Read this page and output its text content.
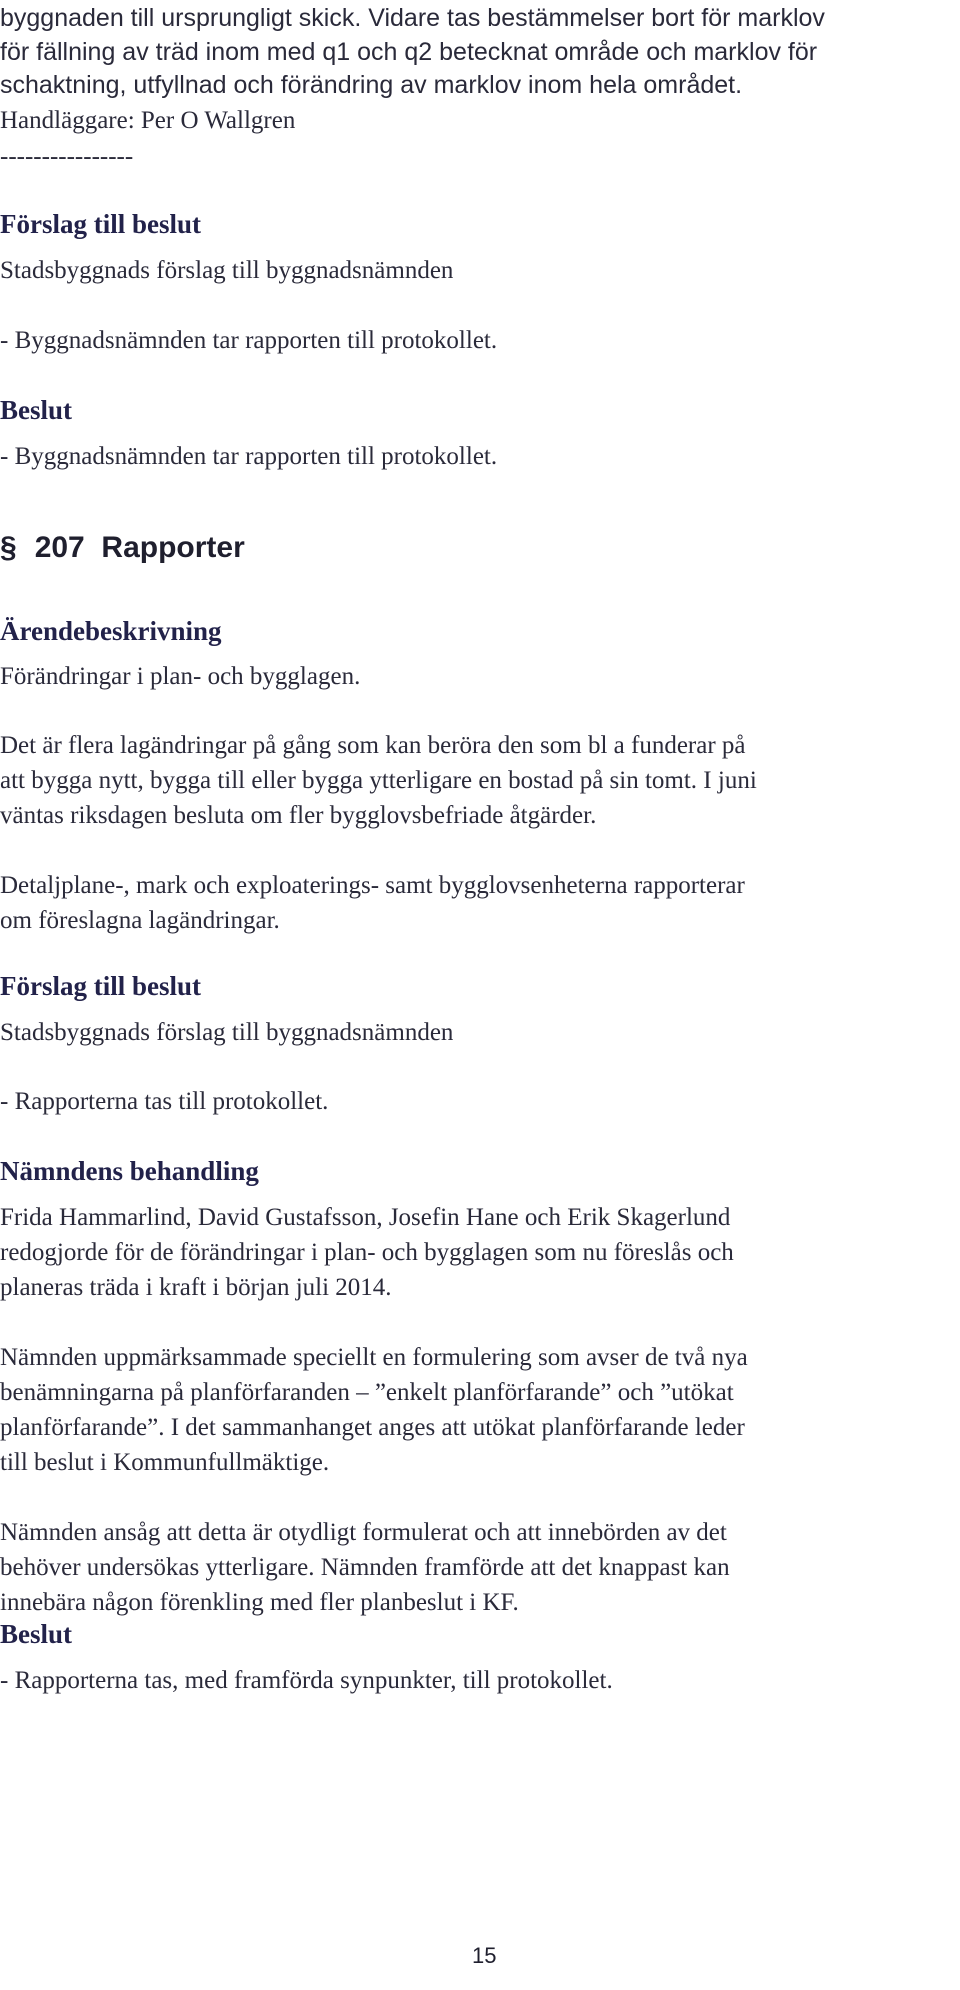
byggnaden till ursprungligt skick. Vidare tas bestämmelser bort för marklov
för fällning av träd inom med q1 och q2 betecknat område och marklov för
schaktning, utfyllnad och förändring av marklov inom hela området.

Handläggare: Per O Wallgren
----------------
Förslag till beslut
Stadsbyggnads förslag till byggnadsnämnden
- Byggnadsnämnden tar rapporten till protokollet.
Beslut
- Byggnadsnämnden tar rapporten till protokollet.
§ 207  Rapporter
Ärendebeskrivning
Förändringar i plan- och bygglagen.

Det är flera lagändringar på gång som kan beröra den som bl a funderar på
att bygga nytt, bygga till eller bygga ytterligare en bostad på sin tomt. I juni
väntas riksdagen besluta om fler bygglovsbefriade åtgärder.

Detaljplane-, mark och exploaterings- samt bygglovsenheterna rapporterar
om föreslagna lagändringar.

Förslag till beslut
Stadsbyggnads förslag till byggnadsnämnden
- Rapporterna tas till protokollet.
Nämndens behandling

Frida Hammarlind, David Gustafsson, Josefin Hane och Erik Skagerlund
redogjorde för de förändringar i plan- och bygglagen som nu föreslås och
planeras träda i kraft i början juli 2014.

Nämnden uppmärksammade speciellt en formulering som avser de två nya
benämningarna på planförfaranden – ”enkelt planförfarande” och ”utökat
planförfarande”. I det sammanhanget anges att utökat planförfarande leder
till beslut i Kommunfullmäktige.

Nämnden ansåg att detta är otydligt formulerat och att innebörden av det
behöver undersökas ytterligare. Nämnden framförde att det knappast kan
innebära någon förenkling med fler planbeslut i KF.

Beslut
- Rapporterna tas, med framförda synpunkter, till protokollet.
15
